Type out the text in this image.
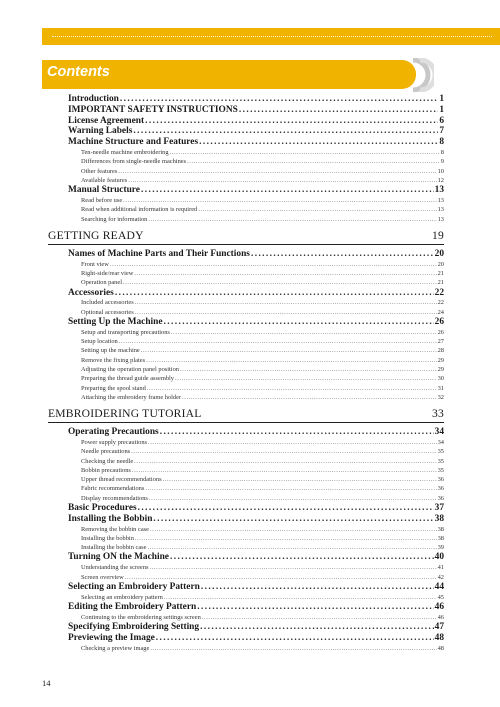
Contents
Introduction .....	1
IMPORTANT SAFETY INSTRUCTIONS .....	1
License Agreement .....	6
Warning Labels .....	7
Machine Structure and Features .....	8
Ten-needle machine embroidering .....	8
Differences from single-needle machines .....	9
Other features .....	10
Available features .....	12
Manual Structure .....	13
Read before use .....	13
Read when additional information is required .....	13
Searching for information .....	13
GETTING READY	19
Names of Machine Parts and Their Functions .....	20
Front view .....	20
Right-side/rear view .....	21
Operation panel .....	21
Accessories .....	22
Included accessories .....	22
Optional accessories .....	24
Setting Up the Machine .....	26
Setup and transporting precautions .....	26
Setup location .....	27
Setting up the machine .....	28
Remove the fixing plates .....	29
Adjusting the operation panel position .....	29
Preparing the thread guide assembly .....	30
Preparing the spool stand .....	31
Attaching the embroidery frame holder .....	32
EMBROIDERING TUTORIAL	33
Operating Precautions .....	34
Power supply precautions .....	34
Needle precautions .....	35
Checking the needle .....	35
Bobbin precautions .....	35
Upper thread recommendations .....	36
Fabric recommendations .....	36
Display recommendations .....	36
Basic Procedures .....	37
Installing the Bobbin .....	38
Removing the bobbin case .....	38
Installing the bobbin .....	38
Installing the bobbin case .....	39
Turning ON the Machine .....	40
Understanding the screens .....	41
Screen overview .....	42
Selecting an Embroidery Pattern .....	44
Selecting an embroidery pattern .....	45
Editing the Embroidery Pattern .....	46
Continuing to the embroidering settings screen .....	46
Specifying Embroidering Setting .....	47
Previewing the Image .....	48
Checking a preview image .....	48
14
